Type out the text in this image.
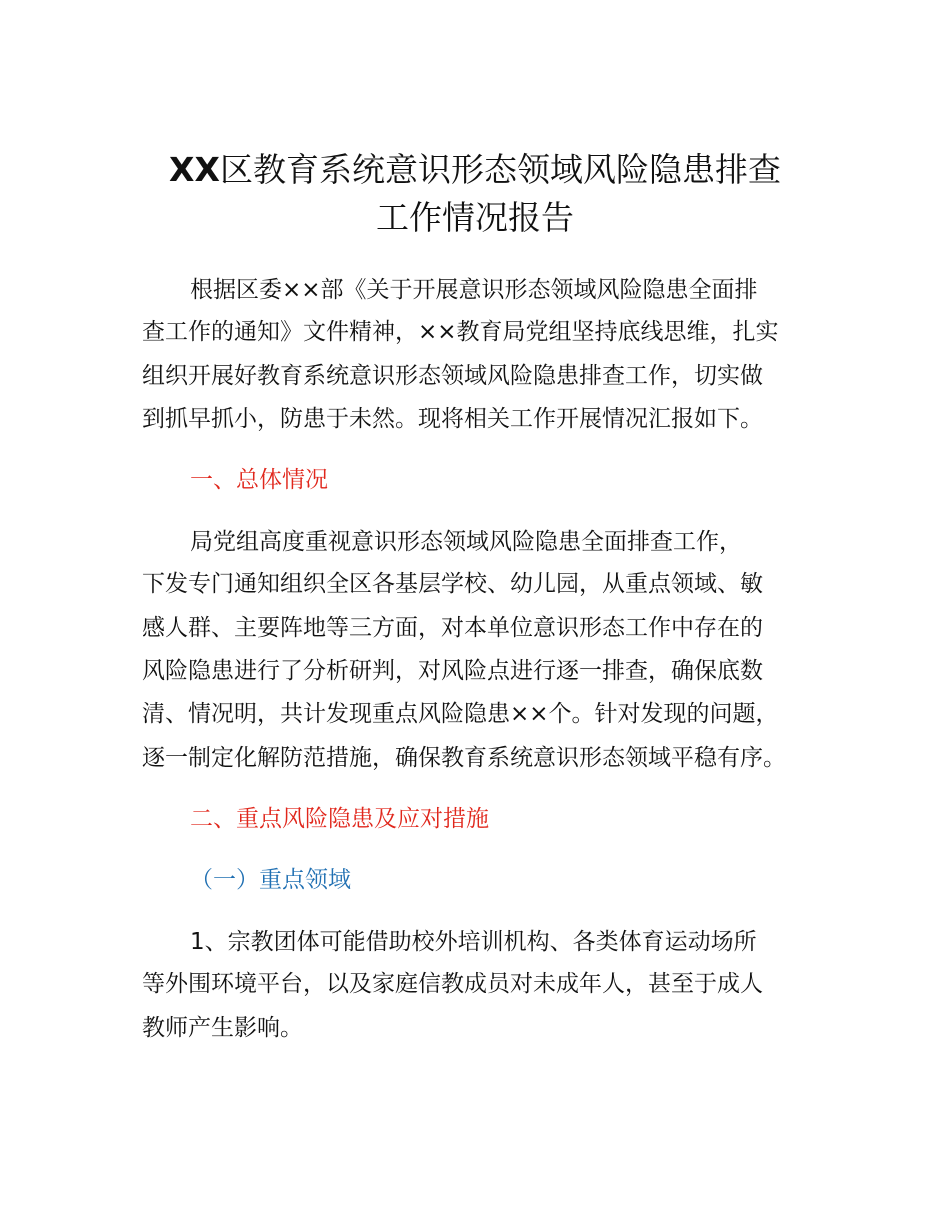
XX区教育系统意识形态领域风险隐患排查
工作情况报告
根据区委××部《关于开展意识形态领域风险隐患全面排
查工作的通知》文件精神，××教育局党组坚持底线思维，扎实
组织开展好教育系统意识形态领域风险隐患排查工作，切实做
到抓早抓小，防患于未然。现将相关工作开展情况汇报如下。
一、总体情况
局党组高度重视意识形态领域风险隐患全面排查工作，
下发专门通知组织全区各基层学校、幼儿园，从重点领域、敏
感人群、主要阵地等三方面，对本单位意识形态工作中存在的
风险隐患进行了分析研判，对风险点进行逐一排查，确保底数
清、情况明，共计发现重点风险隐患××个。针对发现的问题，
逐一制定化解防范措施，确保教育系统意识形态领域平稳有序。
二、重点风险隐患及应对措施
（一）重点领域
1、宗教团体可能借助校外培训机构、各类体育运动场所
等外围环境平台，以及家庭信教成员对未成年人，甚至于成人
教师产生影响。
